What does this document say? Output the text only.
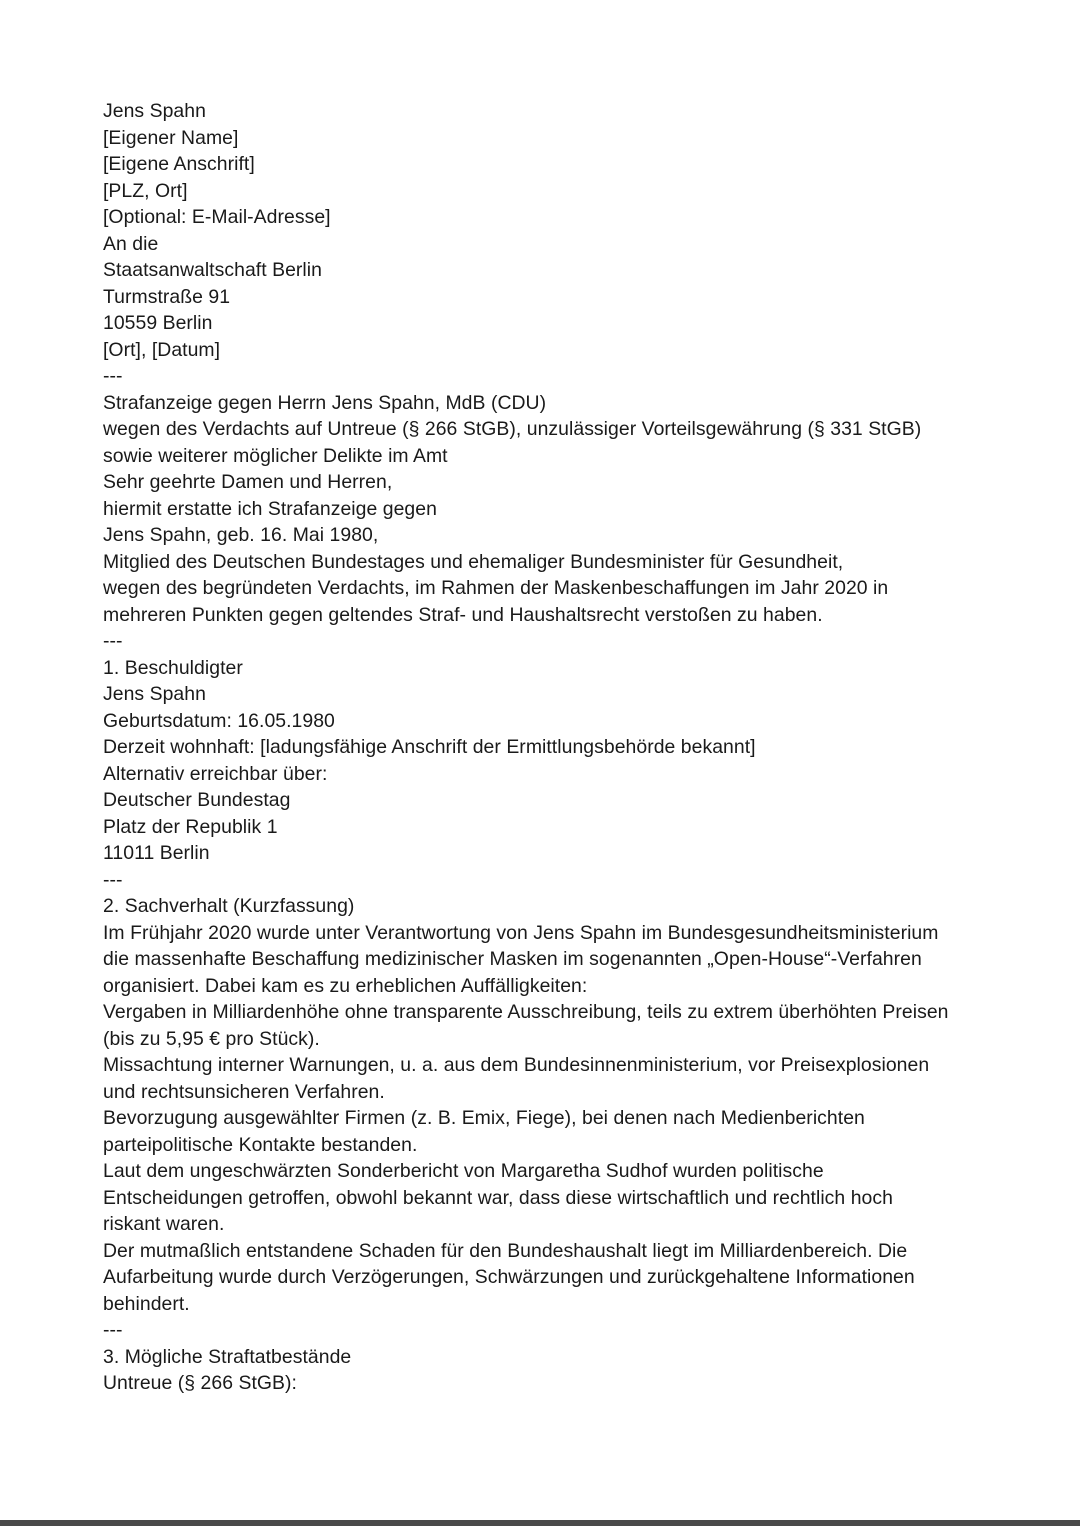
Jens Spahn
[Eigener Name]
[Eigene Anschrift]
[PLZ, Ort]
[Optional: E-Mail-Adresse]
An die
Staatsanwaltschaft Berlin
Turmstraße 91
10559 Berlin
[Ort], [Datum]
---
Strafanzeige gegen Herrn Jens Spahn, MdB (CDU)
wegen des Verdachts auf Untreue (§ 266 StGB), unzulässiger Vorteilsgewährung (§ 331 StGB)
sowie weiterer möglicher Delikte im Amt
Sehr geehrte Damen und Herren,
hiermit erstatte ich Strafanzeige gegen
Jens Spahn, geb. 16. Mai 1980,
Mitglied des Deutschen Bundestages und ehemaliger Bundesminister für Gesundheit,
wegen des begründeten Verdachts, im Rahmen der Maskenbeschaffungen im Jahr 2020 in
mehreren Punkten gegen geltendes Straf- und Haushaltsrecht verstoßen zu haben.
---
1. Beschuldigter
Jens Spahn
Geburtsdatum: 16.05.1980
Derzeit wohnhaft: [ladungsfähige Anschrift der Ermittlungsbehörde bekannt]
Alternativ erreichbar über:
Deutscher Bundestag
Platz der Republik 1
11011 Berlin
---
2. Sachverhalt (Kurzfassung)
Im Frühjahr 2020 wurde unter Verantwortung von Jens Spahn im Bundesgesundheitsministerium
die massenhafte Beschaffung medizinischer Masken im sogenannten „Open-House“-Verfahren
organisiert. Dabei kam es zu erheblichen Auffälligkeiten:
Vergaben in Milliardenhöhe ohne transparente Ausschreibung, teils zu extrem überhöhten Preisen
(bis zu 5,95 € pro Stück).
Missachtung interner Warnungen, u. a. aus dem Bundesinnenministerium, vor Preisexplosionen
und rechtsunsicheren Verfahren.
Bevorzugung ausgewählter Firmen (z. B. Emix, Fiege), bei denen nach Medienberichten
parteipolitische Kontakte bestanden.
Laut dem ungeschwärzten Sonderbericht von Margaretha Sudhof wurden politische
Entscheidungen getroffen, obwohl bekannt war, dass diese wirtschaftlich und rechtlich hoch
riskant waren.
Der mutmaßlich entstandene Schaden für den Bundeshaushalt liegt im Milliardenbereich. Die
Aufarbeitung wurde durch Verzögerungen, Schwärzungen und zurückgehaltene Informationen
behindert.
---
3. Mögliche Straftatbestände
Untreue (§ 266 StGB):
